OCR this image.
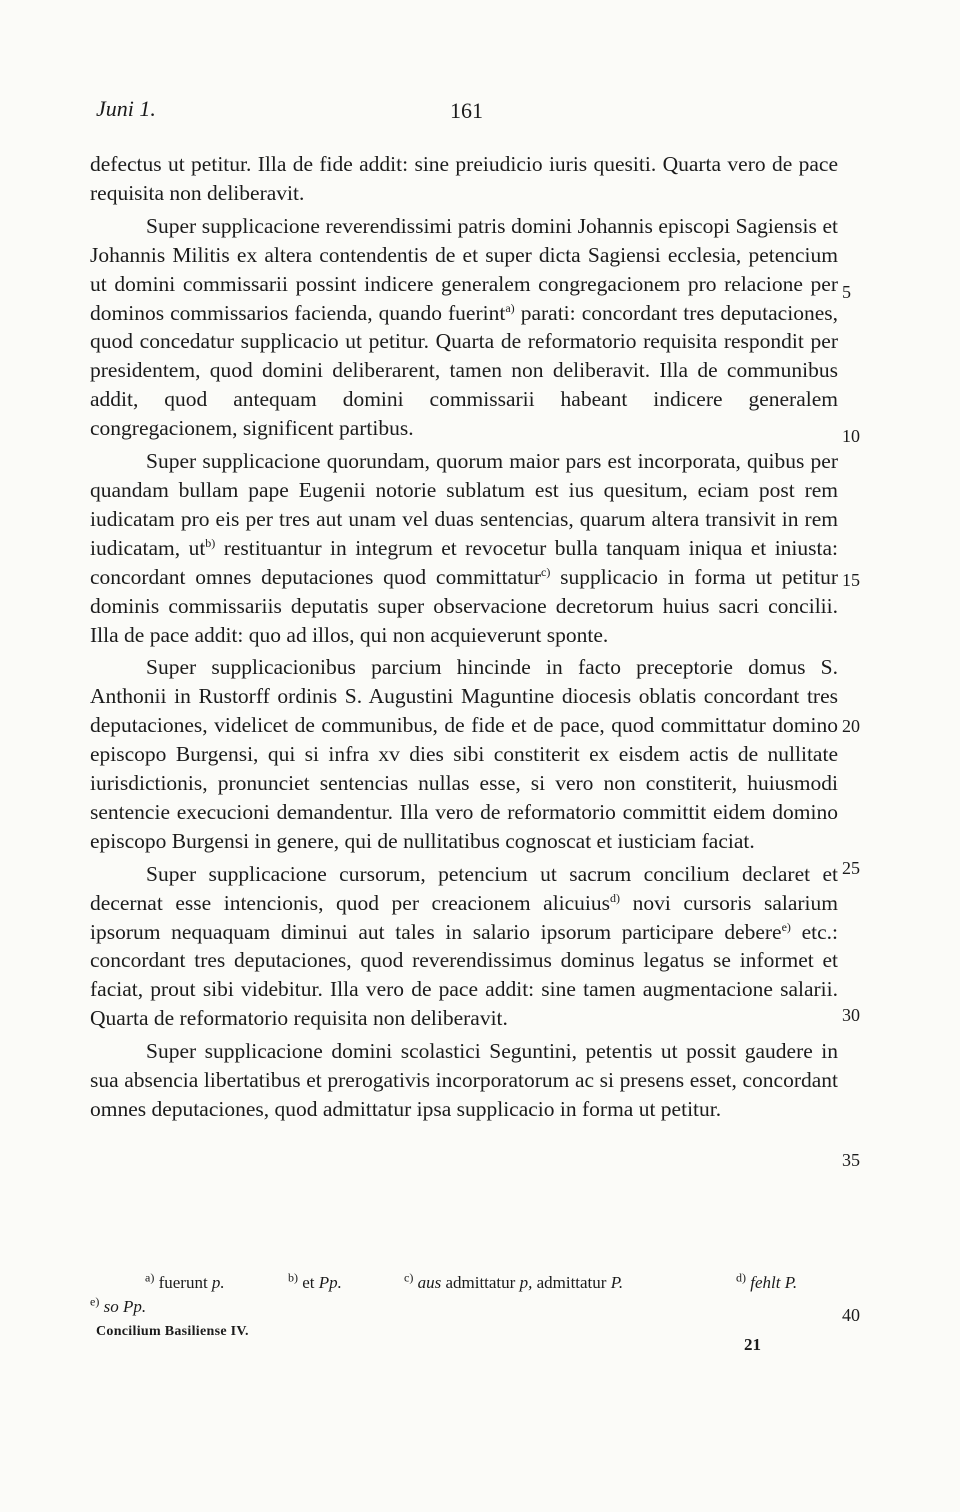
Juni 1.	161

defectus ut petitur. Illa de fide addit: sine preiudicio iuris quesiti. Quarta vero de pace requisita non deliberavit.

Super supplicacione reverendissimi patris domini Johannis episcopi Sagiensis et Johannis Militis ex altera contendentis de et super dicta Sagiensi ecclesia, petencium ut domini commissarii possint indicere generalem congregacionem pro relacione per dominos commissarios facienda, quando fuerint$^{a)}$ parati: concordant tres deputaciones, quod concedatur supplicacio ut petitur. Quarta de reformatorio requisita respondit per presidentem, quod domini deliberarent, tamen non deliberavit. Illa de communibus addit, quod antequam domini commissarii habeant indicere generalem congregacionem, significent partibus.

Super supplicacione quorundam, quorum maior pars est incorporata, quibus per quandam bullam pape Eugenii notorie sublatum est ius quesitum, eciam post rem iudicatam pro eis per tres aut unam vel duas sentencias, quarum altera transivit in rem iudicatam, $ut^{b)}$ restituantur in integrum et revocetur bulla tanquam iniqua et iniusta: concordant omnes deputaciones quod committatur$^{c)}$ supplicacio in forma ut petitur dominis commissariis deputatis super observacione decretorum huius sacri concilii. Illa de pace addit: quo ad illos, qui non acquieverunt sponte.

Super supplicacionibus parcium hincinde in facto preceptorie domus S. Anthonii in Rustorff ordinis S. Augustini Maguntine diocesis oblatis concordant tres deputaciones, videlicet de communibus, de fide et de pace, quod committatur domino episcopo Burgensi, qui si infra xv dies sibi constiterit ex eisdem actis de nullitate iurisdictionis, pronunciet sentencias nullas esse, si vero non constiterit, huiusmodi sentencie execucioni demandentur. Illa vero de reformatorio committit eidem domino episcopo Burgensi in genere, qui de nullitatibus cognoscat et iusticiam faciat.

Super supplicacione cursorum, petencium ut sacrum concilium declaret et decernat esse intencionis, quod per creacionem alicuius$^{d)}$ novi cursoris salarium ipsorum nequaquam diminui aut tales in salario ipsorum participare debere$^{e)}$ etc.: concordant tres deputaciones, quod reverendissimus dominus legatus se informet et faciat, prout sibi videbitur. Illa vero de pace addit: sine tamen augmentacione salarii. Quarta de reformatorio requisita non deliberavit.

Super supplicacione domini scolastici Seguntini, petentis ut possit gaudere in sua absencia libertatibus et prerogativis incorporatorum ac si presens esset, concordant omnes deputaciones, quod admittatur ipsa supplicacio in forma ut petitur.

5
10
15
20
25
30
35
40
$^{a)}$ fuerunt p.	$^{b)}$ et Pp.	$^{c)}$ aus admittatur p, admittatur P.	$^{d)}$ fehlt P.
$^{e)}$ so Pp.
Concilium Basiliense IV.
21
